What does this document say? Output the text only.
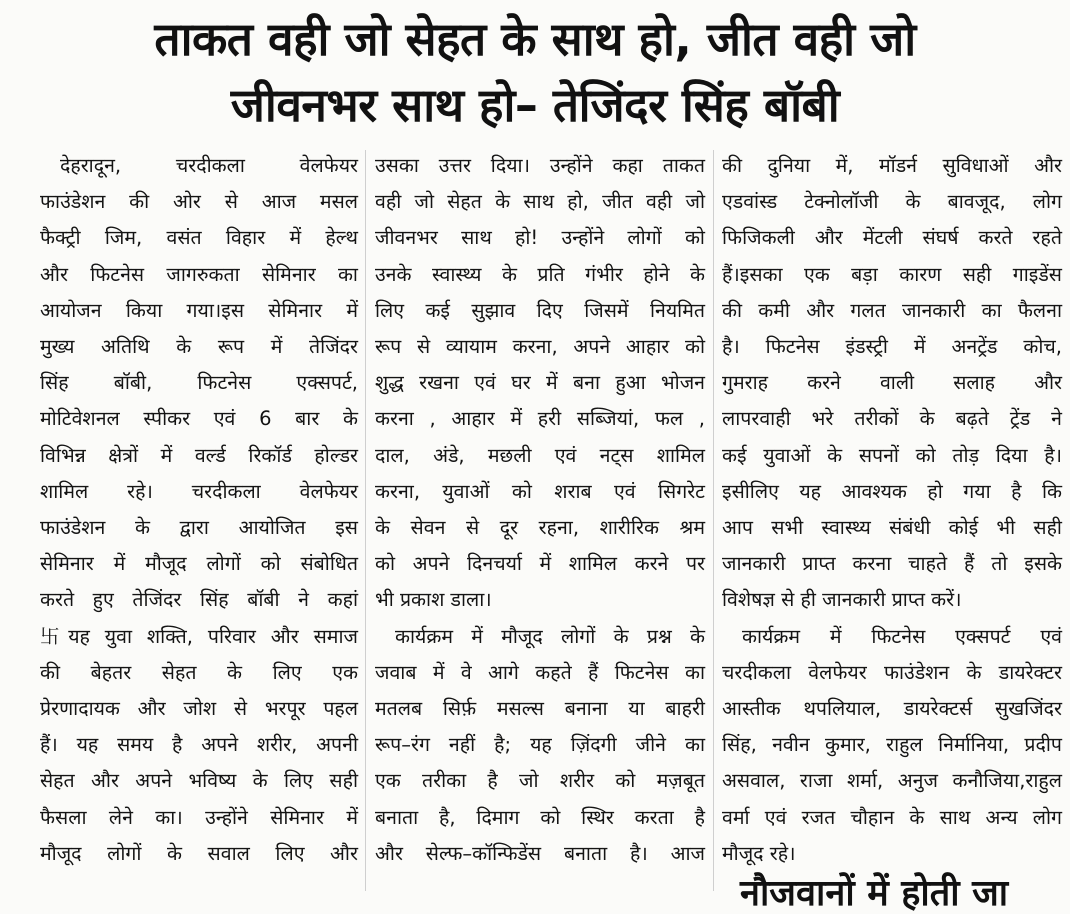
ताकत वही जो सेहत के साथ हो, जीत वही जो
जीवनभर साथ हो– तेजिंदर सिंह बॉबी

देहरादून, चरदीकला वेलफेयर

फाउंडेशन की ओर से आज मसल

फैक्ट्री जिम, वसंत विहार में हेल्थ

और फिटनेस जागरुकता सेमिनार का

आयोजन किया गया।इस सेमिनार में

मुख्य अतिथि के रूप में तेजिंदर

सिंह बॉबी, फिटनेस एक्सपर्ट,

मोटिवेशनल स्पीकर एवं 6 बार के

विभिन्न क्षेत्रों में वर्ल्ड रिकॉर्ड होल्डर

शामिल रहे। चरदीकला वेलफेयर

फाउंडेशन के द्वारा आयोजित इस

सेमिनार में मौजूद लोगों को संबोधित

करते हुए तेजिंदर सिंह बॉबी ने कहां

卐यह युवा शक्ति, परिवार और समाज

की बेहतर सेहत के लिए एक

प्रेरणादायक और जोश से भरपूर पहल

हैं। यह समय है अपने शरीर, अपनी

सेहत और अपने भविष्य के लिए सही

फैसला लेने का। उन्होंने सेमिनार में

मौजूद लोगों के सवाल लिए और

उसका उत्तर दिया। उन्होंने कहा ताकत

वही जो सेहत के साथ हो, जीत वही जो

जीवनभर साथ हो! उन्होंने लोगों को

उनके स्वास्थ्य के प्रति गंभीर होने के

लिए कई सुझाव दिए जिसमें नियमित

रूप से व्यायाम करना, अपने आहार को

शुद्ध रखना एवं घर में बना हुआ भोजन

करना , आहार में हरी सब्जियां, फल ,

दाल, अंडे, मछली एवं नट्स शामिल

करना, युवाओं को शराब एवं सिगरेट

के सेवन से दूर रहना, शारीरिक श्रम

को अपने दिनचर्या में शामिल करने पर

भी प्रकाश डाला।

कार्यक्रम में मौजूद लोगों के प्रश्न के

जवाब में वे आगे कहते हैं फिटनेस का

मतलब सिर्फ़ मसल्स बनाना या बाहरी

रूप–रंग नहीं है; यह ज़िंदगी जीने का

एक तरीका है जो शरीर को मज़बूत

बनाता है, दिमाग को स्थिर करता है

और सेल्फ–कॉन्फिडेंस बनाता है। आज

की दुनिया में, मॉडर्न सुविधाओं और

एडवांस्ड टेक्नोलॉजी के बावजूद, लोग

फिजिकली और मेंटली संघर्ष करते रहते

हैं।इसका एक बड़ा कारण सही गाइडेंस

की कमी और गलत जानकारी का फैलना

है। फिटनेस इंडस्ट्री में अनट्रेंड कोच,

गुमराह करने वाली सलाह और

लापरवाही भरे तरीकों के बढ़ते ट्रेंड ने

कई युवाओं के सपनों को तोड़ दिया है।

इसीलिए यह आवश्यक हो गया है कि

आप सभी स्वास्थ्य संबंधी कोई भी सही

जानकारी प्राप्त करना चाहते हैं तो इसके

विशेषज्ञ से ही जानकारी प्राप्त करें।

कार्यक्रम में फिटनेस एक्सपर्ट एवं

चरदीकला वेलफेयर फाउंडेशन के डायरेक्टर

आस्तीक थपलियाल, डायरेक्टर्स सुखजिंदर

सिंह, नवीन कुमार, राहुल निर्मानिया, प्रदीप

असवाल, राजा शर्मा, अनुज कनौजिया,राहुल

वर्मा एवं रजत चौहान के साथ अन्य लोग

मौजूद रहे।

नौजवानों में होती जा
